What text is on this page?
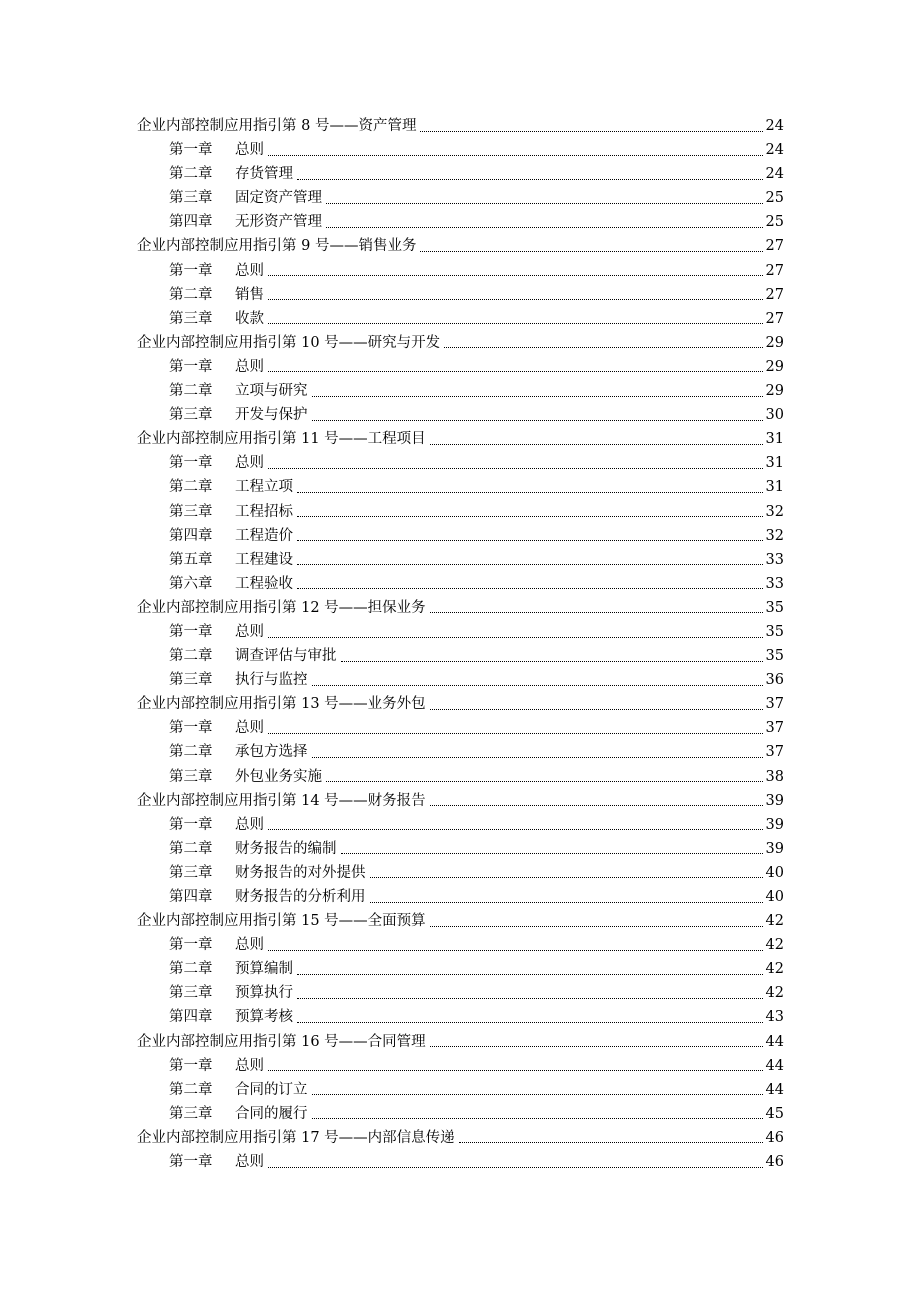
企业内部控制应用指引第 8 号——资产管理	24
第一章	总则	24
第二章	存货管理	24
第三章	固定资产管理	25
第四章	无形资产管理	25
企业内部控制应用指引第 9 号——销售业务	27
第一章	总则	27
第二章	销售	27
第三章	收款	27
企业内部控制应用指引第 10 号——研究与开发	29
第一章	总则	29
第二章	立项与研究	29
第三章	开发与保护	30
企业内部控制应用指引第 11 号——工程项目	31
第一章	总则	31
第二章	工程立项	31
第三章	工程招标	32
第四章	工程造价	32
第五章	工程建设	33
第六章	工程验收	33
企业内部控制应用指引第 12 号——担保业务	35
第一章	总则	35
第二章	调查评估与审批	35
第三章	执行与监控	36
企业内部控制应用指引第 13 号——业务外包	37
第一章	总则	37
第二章	承包方选择	37
第三章	外包业务实施	38
企业内部控制应用指引第 14 号——财务报告	39
第一章	总则	39
第二章	财务报告的编制	39
第三章	财务报告的对外提供	40
第四章	财务报告的分析利用	40
企业内部控制应用指引第 15 号——全面预算	42
第一章	总则	42
第二章	预算编制	42
第三章	预算执行	42
第四章	预算考核	43
企业内部控制应用指引第 16 号——合同管理	44
第一章	总则	44
第二章	合同的订立	44
第三章	合同的履行	45
企业内部控制应用指引第 17 号——内部信息传递	46
第一章	总则	46
